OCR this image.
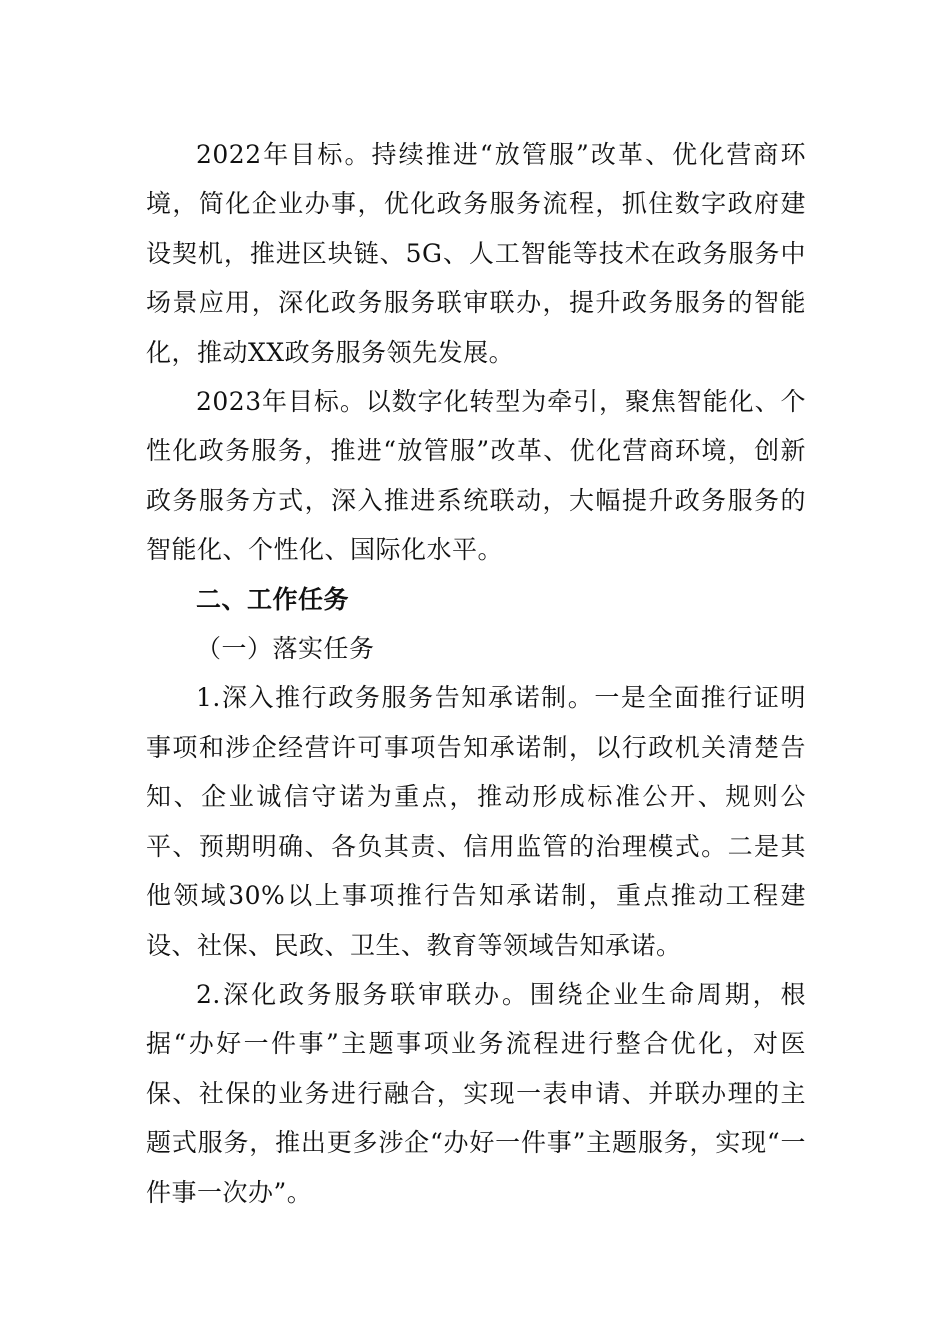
2022年目标。持续推进“放管服”改革、优化营商环境，简化企业办事，优化政务服务流程，抓住数字政府建设契机，推进区块链、5G、人工智能等技术在政务服务中场景应用，深化政务服务联审联办，提升政务服务的智能化，推动XX政务服务领先发展。

2023年目标。以数字化转型为牵引，聚焦智能化、个性化政务服务，推进“放管服”改革、优化营商环境，创新政务服务方式，深入推进系统联动，大幅提升政务服务的智能化、个性化、国际化水平。

二、工作任务

（一）落实任务

1.深入推行政务服务告知承诺制。一是全面推行证明事项和涉企经营许可事项告知承诺制，以行政机关清楚告知、企业诚信守诺为重点，推动形成标准公开、规则公平、预期明确、各负其责、信用监管的治理模式。二是其他领域30%以上事项推行告知承诺制，重点推动工程建设、社保、民政、卫生、教育等领域告知承诺。

2.深化政务服务联审联办。围绕企业生命周期，根据“办好一件事”主题事项业务流程进行整合优化，对医保、社保的业务进行融合，实现一表申请、并联办理的主题式服务，推出更多涉企“办好一件事”主题服务，实现“一件事一次办”。
